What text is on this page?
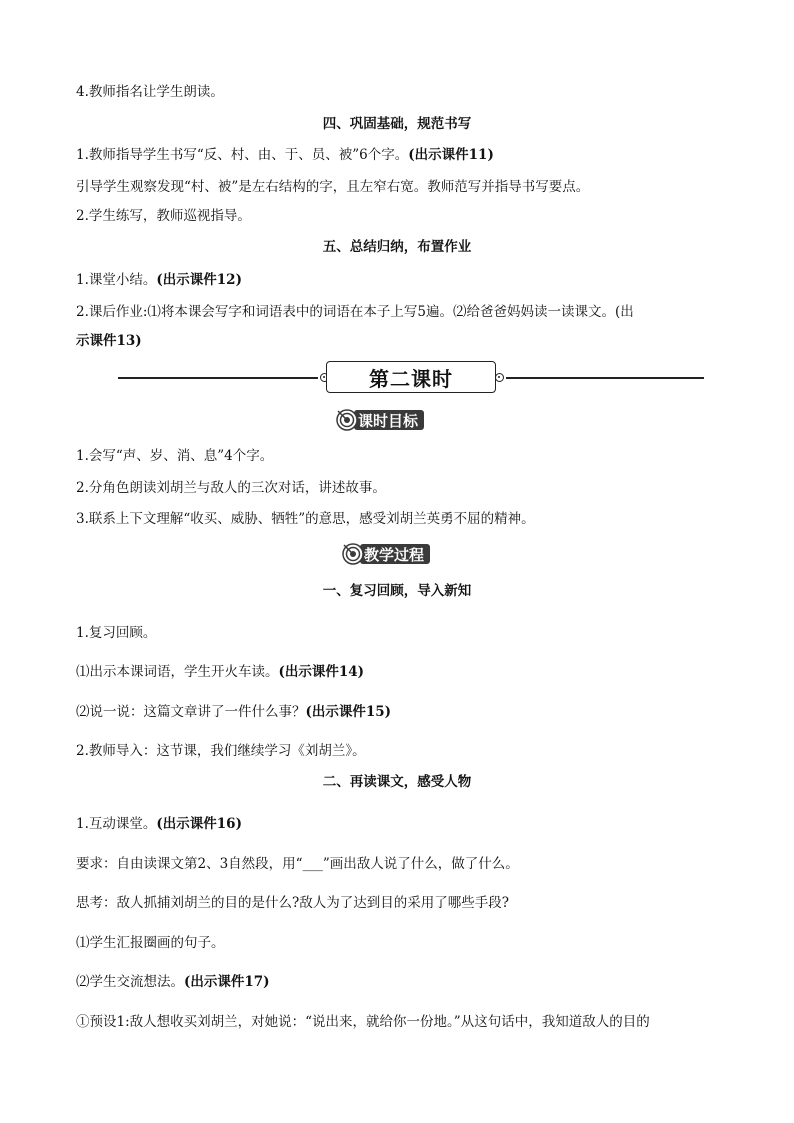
4.教师指名让学生朗读。
四、巩固基础，规范书写
1.教师指导学生书写“反、村、由、于、员、被”6个字。(出示课件11)
引导学生观察发现“村、被”是左右结构的字，且左窄右宽。教师范写并指导书写要点。
2.学生练写，教师巡视指导。
五、总结归纳，布置作业
1.课堂小结。(出示课件12)
2.课后作业:⑴将本课会写字和词语表中的词语在本子上写5遍。⑵给爸爸妈妈读一读课文。(出
示课件13)
第二课时
课时目标
1.会写“声、岁、消、息”4个字。
2.分角色朗读刘胡兰与敌人的三次对话，讲述故事。
3.联系上下文理解“收买、威胁、牺牲”的意思，感受刘胡兰英勇不屈的精神。
教学过程
一、复习回顾，导入新知
1.复习回顾。
⑴出示本课词语，学生开火车读。(出示课件14)
⑵说一说：这篇文章讲了一件什么事？(出示课件15)
2.教师导入：这节课，我们继续学习《刘胡兰》。
二、再读课文，感受人物
1.互动课堂。(出示课件16)
要求：自由读课文第2、3自然段，用“___”画出敌人说了什么，做了什么。
思考：敌人抓捕刘胡兰的目的是什么?敌人为了达到目的采用了哪些手段?
⑴学生汇报圈画的句子。
⑵学生交流想法。(出示课件17)
①预设1:敌人想收买刘胡兰，对她说：“说出来，就给你一份地。”从这句话中，我知道敌人的目的
